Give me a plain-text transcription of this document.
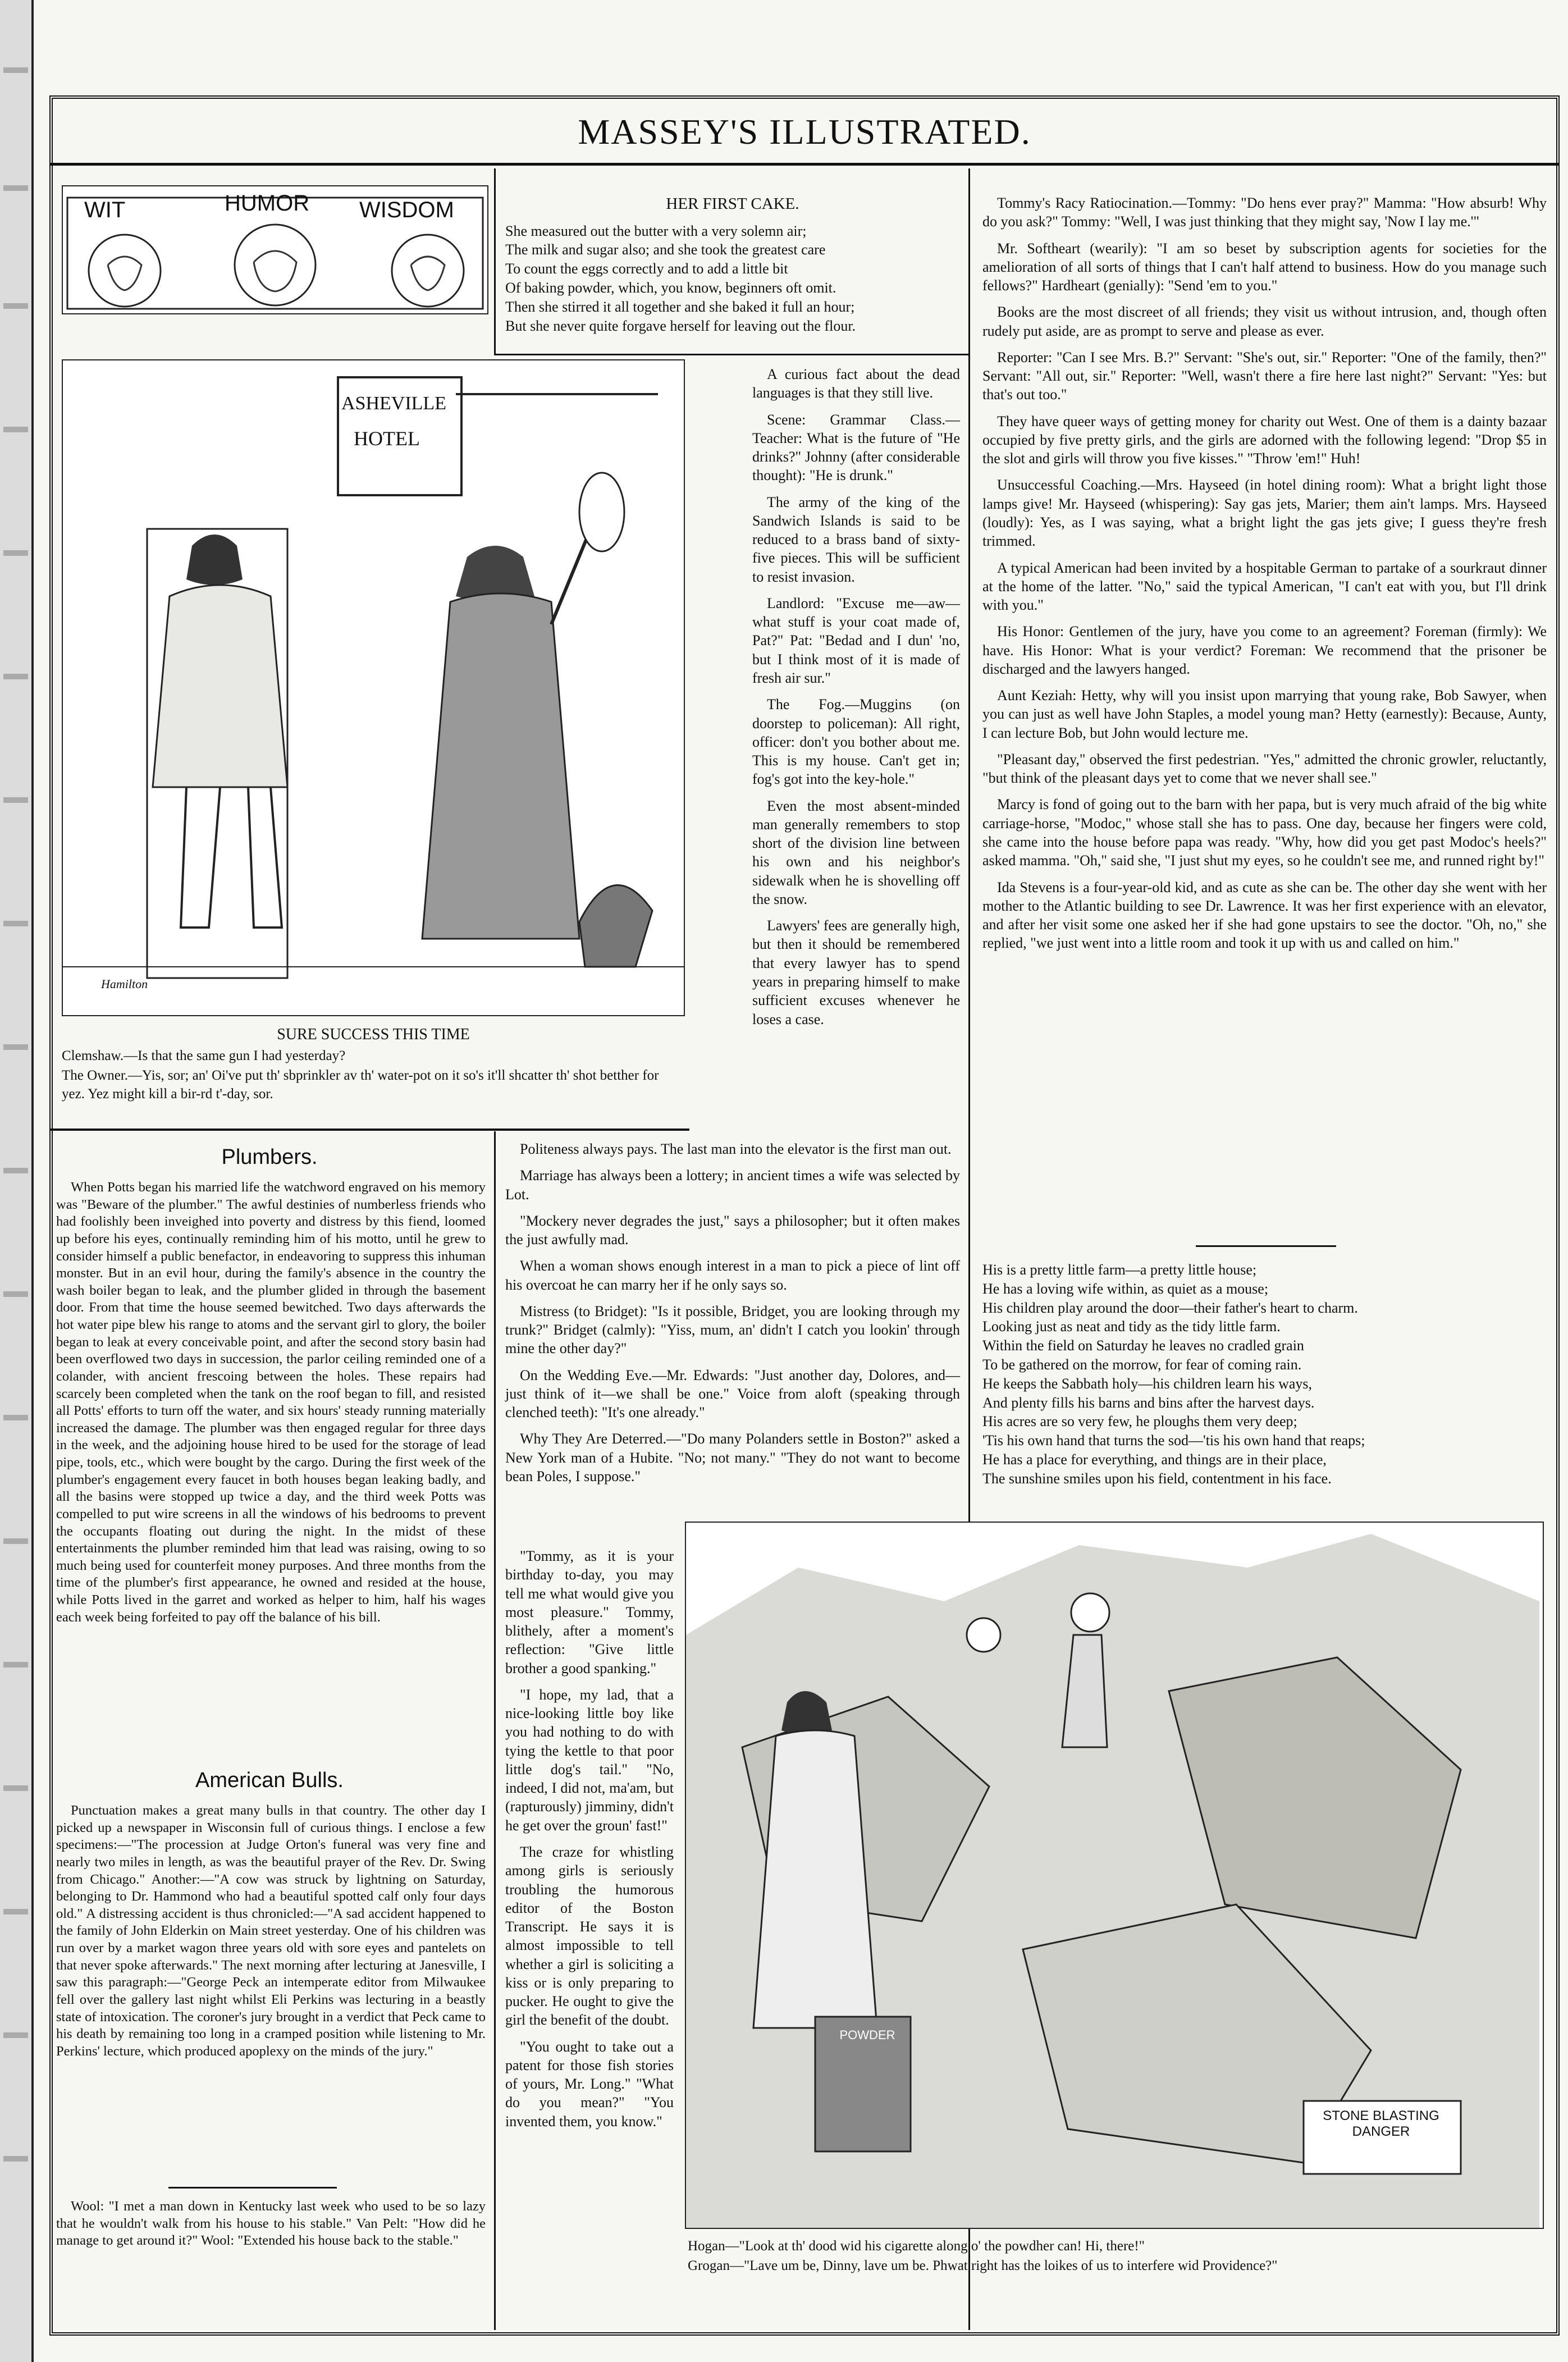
MASSEY'S ILLUSTRATED.
WIT	HUMOR WISDOM
ASHEVILLE
HOTEL
Hamilton
SURE SUCCESS THIS TIME
Clemshaw.—Is that the same gun I had yesterday?
The Owner.—Yis, sor; an' Oi've put th' sbprinkler av th' water-pot on it so's it'll shcatter th' shot betther for yez. Yez might kill a bir-rd t'-day, sor.
HER FIRST CAKE.
She measured out the butter with a very solemn air;
The milk and sugar also; and she took the greatest care
To count the eggs correctly and to add a little bit
Of baking powder, which, you know, beginners oft omit.
Then she stirred it all together and she baked it full an hour;
But she never quite forgave herself for leaving out the flour.

A curious fact about the dead languages is that they still live.

Scene: Grammar Class.—Teacher: What is the future of "He drinks?" Johnny (after considerable thought): "He is drunk."

The army of the king of the Sandwich Islands is said to be reduced to a brass band of sixty-five pieces. This will be sufficient to resist invasion.

Landlord: "Excuse me—aw—what stuff is your coat made of, Pat?" Pat: "Bedad and I dun' 'no, but I think most of it is made of fresh air sur."

The Fog.—Muggins (on doorstep to policeman): All right, officer: don't you bother about me. This is my house. Can't get in; fog's got into the key-hole."

Even the most absent-minded man generally remembers to stop short of the division line between his own and his neighbor's sidewalk when he is shovelling off the snow.

Lawyers' fees are generally high, but then it should be remembered that every lawyer has to spend years in preparing himself to make sufficient excuses whenever he loses a case.

Tommy's Racy Ratiocination.—Tommy: "Do hens ever pray?" Mamma: "How absurb! Why do you ask?" Tommy: "Well, I was just thinking that they might say, 'Now I lay me.'"

Mr. Softheart (wearily): "I am so beset by subscription agents for societies for the amelioration of all sorts of things that I can't half attend to business. How do you manage such fellows?" Hardheart (genially): "Send 'em to you."

Books are the most discreet of all friends; they visit us without intrusion, and, though often rudely put aside, are as prompt to serve and please as ever.

Reporter: "Can I see Mrs. B.?" Servant: "She's out, sir." Reporter: "One of the family, then?" Servant: "All out, sir." Reporter: "Well, wasn't there a fire here last night?" Servant: "Yes: but that's out too."

They have queer ways of getting money for charity out West. One of them is a dainty bazaar occupied by five pretty girls, and the girls are adorned with the following legend: "Drop $5 in the slot and girls will throw you five kisses." "Throw 'em!" Huh!

Unsuccessful Coaching.—Mrs. Hayseed (in hotel dining room): What a bright light those lamps give! Mr. Hayseed (whispering): Say gas jets, Marier; them ain't lamps. Mrs. Hayseed (loudly): Yes, as I was saying, what a bright light the gas jets give; I guess they're fresh trimmed.

A typical American had been invited by a hospitable German to partake of a sourkraut dinner at the home of the latter. "No," said the typical American, "I can't eat with you, but I'll drink with you."

His Honor: Gentlemen of the jury, have you come to an agreement? Foreman (firmly): We have. His Honor: What is your verdict? Foreman: We recommend that the prisoner be discharged and the lawyers hanged.

Aunt Keziah: Hetty, why will you insist upon marrying that young rake, Bob Sawyer, when you can just as well have John Staples, a model young man? Hetty (earnestly): Because, Aunty, I can lecture Bob, but John would lecture me.

"Pleasant day," observed the first pedestrian. "Yes," admitted the chronic growler, reluctantly, "but think of the pleasant days yet to come that we never shall see."

Marcy is fond of going out to the barn with her papa, but is very much afraid of the big white carriage-horse, "Modoc," whose stall she has to pass. One day, because her fingers were cold, she came into the house before papa was ready. "Why, how did you get past Modoc's heels?" asked mamma. "Oh," said she, "I just shut my eyes, so he couldn't see me, and runned right by!"

Ida Stevens is a four-year-old kid, and as cute as she can be. The other day she went with her mother to the Atlantic building to see Dr. Lawrence. It was her first experience with an elevator, and after her visit some one asked her if she had gone upstairs to see the doctor. "Oh, no," she replied, "we just went into a little room and took it up with us and called on him."

His is a pretty little farm—a pretty little house;
He has a loving wife within, as quiet as a mouse;
His children play around the door—their father's heart to charm.
Looking just as neat and tidy as the tidy little farm.
Within the field on Saturday he leaves no cradled grain
To be gathered on the morrow, for fear of coming rain.
He keeps the Sabbath holy—his children learn his ways,
And plenty fills his barns and bins after the harvest days.
His acres are so very few, he ploughs them very deep;
'Tis his own hand that turns the sod—'tis his own hand that reaps;
He has a place for everything, and things are in their place,
The sunshine smiles upon his field, contentment in his face.
Plumbers.

When Potts began his married life the watchword engraved on his memory was "Beware of the plumber." The awful destinies of numberless friends who had foolishly been inveighed into poverty and distress by this fiend, loomed up before his eyes, continually reminding him of his motto, until he grew to consider himself a public benefactor, in endeavoring to suppress this inhuman monster. But in an evil hour, during the family's absence in the country the wash boiler began to leak, and the plumber glided in through the basement door. From that time the house seemed bewitched. Two days afterwards the hot water pipe blew his range to atoms and the servant girl to glory, the boiler began to leak at every conceivable point, and after the second story basin had been overflowed two days in succession, the parlor ceiling reminded one of a colander, with ancient frescoing between the holes. These repairs had scarcely been completed when the tank on the roof began to fill, and resisted all Potts' efforts to turn off the water, and six hours' steady running materially increased the damage. The plumber was then engaged regular for three days in the week, and the adjoining house hired to be used for the storage of lead pipe, tools, etc., which were bought by the cargo. During the first week of the plumber's engagement every faucet in both houses began leaking badly, and all the basins were stopped up twice a day, and the third week Potts was compelled to put wire screens in all the windows of his bedrooms to prevent the occupants floating out during the night. In the midst of these entertainments the plumber reminded him that lead was raising, owing to so much being used for counterfeit money purposes. And three months from the time of the plumber's first appearance, he owned and resided at the house, while Potts lived in the garret and worked as helper to him, half his wages each week being forfeited to pay off the balance of his bill.

American Bulls.

Punctuation makes a great many bulls in that country. The other day I picked up a newspaper in Wisconsin full of curious things. I enclose a few specimens:—"The procession at Judge Orton's funeral was very fine and nearly two miles in length, as was the beautiful prayer of the Rev. Dr. Swing from Chicago." Another:—"A cow was struck by lightning on Saturday, belonging to Dr. Hammond who had a beautiful spotted calf only four days old." A distressing accident is thus chronicled:—"A sad accident happened to the family of John Elderkin on Main street yesterday. One of his children was run over by a market wagon three years old with sore eyes and pantelets on that never spoke afterwards." The next morning after lecturing at Janesville, I saw this paragraph:—"George Peck an intemperate editor from Milwaukee fell over the gallery last night whilst Eli Perkins was lecturing in a beastly state of intoxication. The coroner's jury brought in a verdict that Peck came to his death by remaining too long in a cramped position while listening to Mr. Perkins' lecture, which produced apoplexy on the minds of the jury."

Wool: "I met a man down in Kentucky last week who used to be so lazy that he wouldn't walk from his house to his stable." Van Pelt: "How did he manage to get around it?" Wool: "Extended his house back to the stable."

Politeness always pays. The last man into the elevator is the first man out.

Marriage has always been a lottery; in ancient times a wife was selected by Lot.

"Mockery never degrades the just," says a philosopher; but it often makes the just awfully mad.

When a woman shows enough interest in a man to pick a piece of lint off his overcoat he can marry her if he only says so.

Mistress (to Bridget): "Is it possible, Bridget, you are looking through my trunk?" Bridget (calmly): "Yiss, mum, an' didn't I catch you lookin' through mine the other day?"

On the Wedding Eve.—Mr. Edwards: "Just another day, Dolores, and—just think of it—we shall be one." Voice from aloft (speaking through clenched teeth): "It's one already."

Why They Are Deterred.—"Do many Polanders settle in Boston?" asked a New York man of a Hubite. "No; not many." "They do not want to become bean Poles, I suppose."

"Tommy, as it is your birthday to-day, you may tell me what would give you most pleasure." Tommy, blithely, after a moment's reflection: "Give little brother a good spanking."

"I hope, my lad, that a nice-looking little boy like you had nothing to do with tying the kettle to that poor little dog's tail." "No, indeed, I did not, ma'am, but (rapturously) jimminy, didn't he get over the groun' fast!"

The craze for whistling among girls is seriously troubling the humorous editor of the Boston Transcript. He says it is almost impossible to tell whether a girl is soliciting a kiss or is only preparing to pucker. He ought to give the girl the benefit of the doubt.

"You ought to take out a patent for those fish stories of yours, Mr. Long." "What do you mean?" "You invented them, you know."

POWDER
STONE BLASTING DANGER
Hogan—"Look at th' dood wid his cigarette along o' the powdher can! Hi, there!"
Grogan—"Lave um be, Dinny, lave um be. Phwat right has the loikes of us to interfere wid Providence?"
